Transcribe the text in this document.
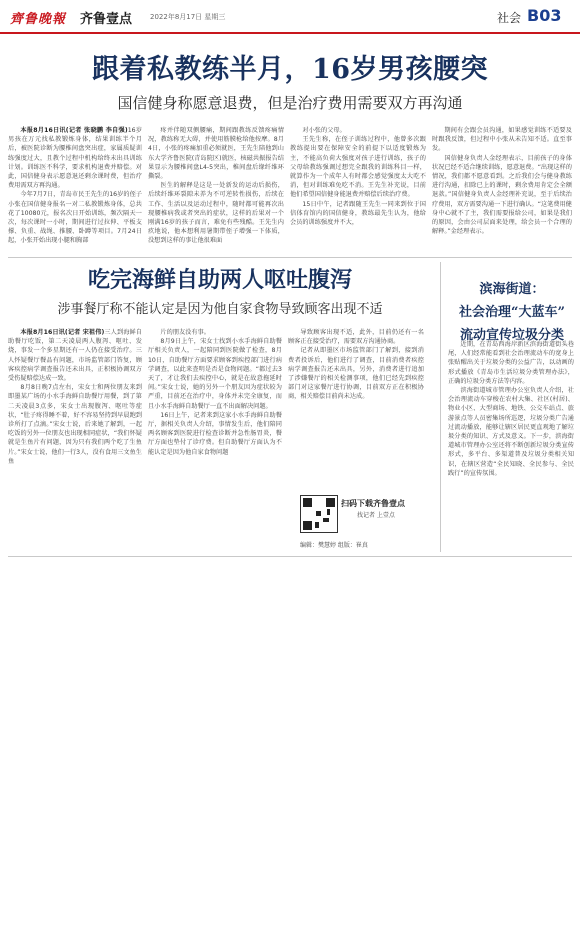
齊鲁晚報 齐鲁壹点	2022年8月17日 星期三	社会 B03
跟着私教练半月，16岁男孩腰突
国信健身称愿意退费，但是治疗费用需要双方再沟通

本报8月16日讯(记者 张晓鹏 李自强)16岁男孩在万元找私教锻炼身体，结果训练半个月后，被医院诊断为腰椎间盘突出症，家属质疑训练强度过大，且教个过程中机构给终未出具训练计划。训练医不科学，要求机构退费并赔偿。对此，国信健身表示愿意退还剩余课时费，但治疗费用需双方再沟通。

今年7月7日，青岛市民王先生的16岁的侄子小张在国信健身报名一对二私教锻炼身体，总共花了10080元，报名次日开始训练，频次隔天一次，每次课时一小时，期间进行过拉伸、平板支撑、负重、战绳、推腰、卧蹲等项目。7月24日起，小张开始出现小腿和胸部

疼并伴随双侧腰痛，期间跟教练反馈疼痛情况，教练称无大碍，并使用筋膜枪给他按摩。8月4日，小张的疼痛加重必须就医，王先生陪他到山东大学齐鲁医院(青岛院区)就医，核磁共振报告结果显示为腰椎间盘L4-5突出，椎间盘后缘纤维环撕裂。

医生的解释是这是一处新发的运动后损伤，后续纤维环裂隙未养为不可逆转性损伤，后续在工作、生活以及运动过程中，随时都可能再次出现腰椎病我或者突出的症状，这样的后果对一个刚满16岁的孩子而言，难免有些残酷。王先生内疚地说，他本想利用暑期带侄子增强一下体质，没想到这样的事让他很难面

对小张的父母。

王先生称，在侄子训练过程中，他曾多次跟教练提出要在保障安全的前提下以适度锻炼为主，不能高负荷大强度对孩子进行训练，孩子的父母给教练强调过想完全跟我的训练科目一样，就算作为一个成年人有时都会感觉强度太大吃不消，但对训练难免吃不消。王先生补充说，目前他们希望国信健身能退费并赔偿后续治疗费。

15日中午，记者跟随王先生一同来到位于国信体育馆内的国信健身，教练最先生认为，他给会员的训练强度并不大，

期间有会跟会员沟通，如果感觉训练不适要及时跟我反馈，但过程中小张从未告知不适。直至事发。

国信健身负责人金经理表示，目前孩子的身体状况已经不适合继续训练，愿意退费。“出现这样的情况，我们都不愿意看到。之后我们会与健身教练进行沟通，扣除已上的课时，剩余费用肯定会全额退款。”国信健身负责人金经理补充说，至于后续治疗费用，双方需要沟通一下进行确认。“这笔费用健身中心就不了主，我们需要报给公司，如果是我们的原因，会由公司层面来处理，给会员一个合理的解释。”金经理表示。

吃完海鲜自助两人呕吐腹泻
涉事餐厅称不能认定是因为他自家食物导致顾客出现不适

本报8月16日讯(记者 宋祖伟)三人到海鲜自助餐厅吃饭，第二天凌晨两人腹泻、呕吐、发烧，事发一个多星期还有一人仍在接受治疗。三人怀疑餐厅餐品有问题，市场监管部门答复，顾客疾控病学调查报告还未出具，正积极协调双方受伤疑赔偿达成一致。

8月8日晚7点左右，宋女士和两位朋友来到即墨某广场的小水手海鲜自助餐厅用餐，到了第二天凌晨3点多，宋女士出现腹泻、呕吐等症状，“肚子疼得睡不着，好不容易坚持到早晨跑到诊所打了点滴。”宋女士说，后来她了解到，一起吃饭的另外一位朋友也出现相同症状，“我们怀疑就是生鱼片有问题，因为只有我们两个吃了生鱼片。”宋女士说，他们一行3人，没有食用三文鱼生鱼

片的朋友没有事。

8月9日上午，宋女士找到小水手海鲜自助餐厅相关负责人，一起陪同到医院做了检查，8月10日，自助餐厅方面要求顾客到疾控部门进行病学调查，以此来查明是否是食物问题。“都过去3天了，才让我们去疾控中心，就是在故意拖延时间。”宋女士说，她的另外一个朋友因为症状较为严重，目前还在治疗中，身体并未完全康复，而且小水手海鲜自助餐厅一直不出面解决问题。

16日上午，记者来到这家小水手海鲜自助餐厅，据相关负责人介绍，事情发生后，他们陪同两名顾客到医院进行检查诊断并急性肠胃炎，餐厅方面也垫付了诊疗费。但自助餐厅方面认为不能认定是因为他自家食物问题

导致顾客出现不适，此外，目前仍还有一名顾客正在接受治疗，需要双方沟通协商。

记者从即墨区市场监管部门了解到，接到消费者投诉后，他们进行了调查，目前消费者疾控病学调查报告还未出具，另外，消费者进行追加了涉嫌餐厅的相关检测事项，他们已经先到疾控部门对这家餐厅进行协调，目前双方正在积极协商，相关赔偿目前尚未达成。

扫码下载齐鲁壹点
找记者 上壹点
编辑：樊慧婷 组版：崔真
滨海街道：
社会治理“大蓝车”
流动宣传垃圾分类

近期，在青岛西海岸新区滨海街道街头巷尾，人们经常能看到社会治理流动车的宽身上张贴醒出关于垃圾分类的公益广告，以动画的形式播放《青岛市生活垃圾分类管理办法》，正确的垃圾分类方法等内容。

滨海街道城市管理办公室负责人介绍，社会治理流动车穿梭在农村大集、社区(村居)、物业小区、大型商场、地铁、公交车站点、旅游景点等人员密集场所巡逻，垃圾分类广告通过流动播放，能够让辖区居民更直观地了解垃圾分类的知识、方式及意义。下一步，滨海街道城市管理办公室还将不断创新垃圾分类宣传形式，多平台、多渠道普及垃圾分类相关知识，在辖区营造“全民知晓、全民参与、全民践行”的宣传氛围。
